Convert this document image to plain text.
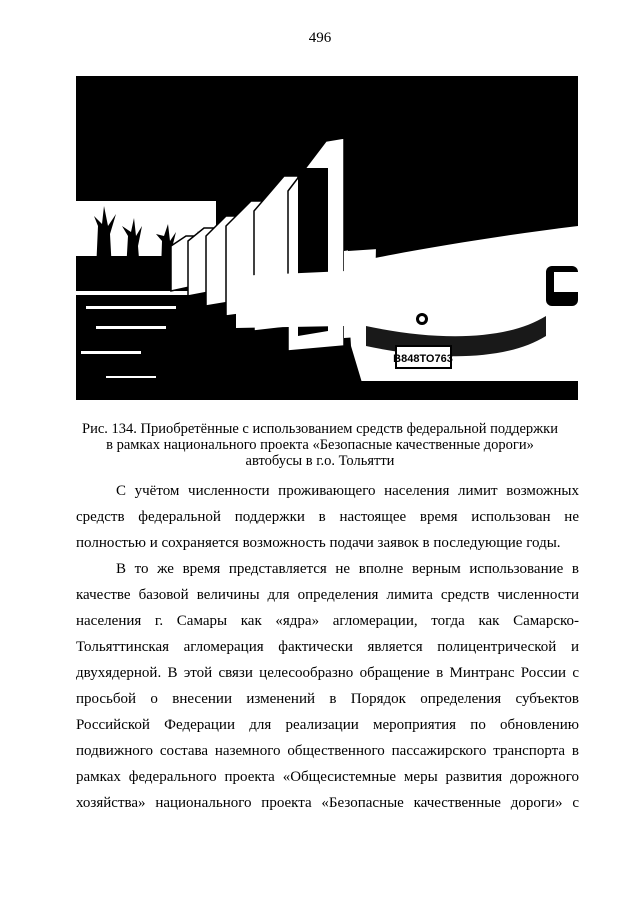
496
В848ТО763
Рис. 134. Приобретённые с использованием средств федеральной поддержки
в рамках национального проекта «Безопасные качественные дороги»
автобусы в г.о. Тольятти
С учётом численности проживающего населения лимит возможных
средств федеральной поддержки в настоящее время использован не
полностью и сохраняется возможность подачи заявок в последующие годы.
В то же время представляется не вполне верным использование в
качестве базовой величины для определения лимита средств численности
населения г. Самары как «ядра» агломерации, тогда как Самарско-
Тольяттинская агломерация фактически является полицентрической и
двухядерной. В этой связи целесообразно обращение в Минтранс России с
просьбой о внесении изменений в Порядок определения субъектов
Российской Федерации для реализации мероприятия по обновлению
подвижного состава наземного общественного пассажирского транспорта в
рамках федерального проекта «Общесистемные меры развития дорожного
хозяйства» национального проекта «Безопасные качественные дороги» с
